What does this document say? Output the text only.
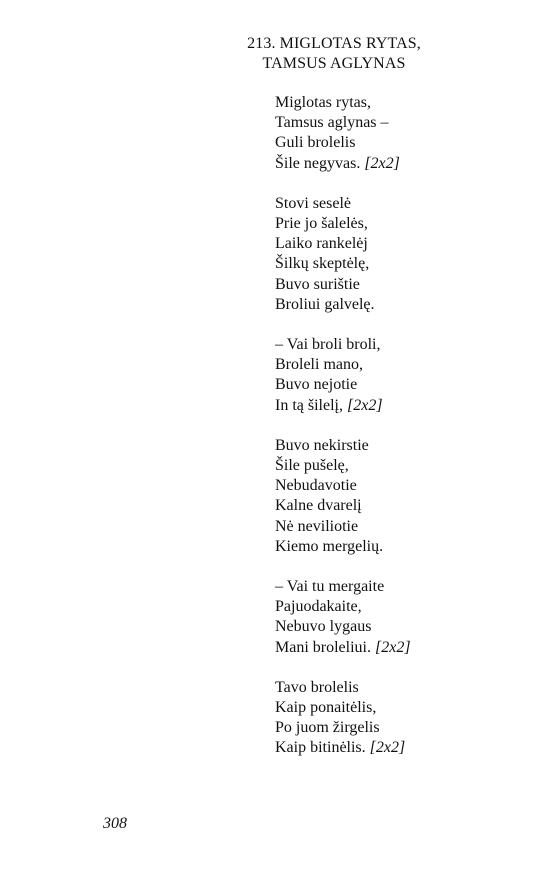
213. MIGLOTAS RYTAS,
TAMSUS AGLYNAS
Miglotas rytas,
Tamsus aglynas –
Guli brolelis
Šile negyvas. [2x2]
Stovi seselė
Prie jo šalelės,
Laiko rankelėj
Šilkų skeptėlę,
Buvo surištie
Broliui galvelę.
– Vai broli broli,
Broleli mano,
Buvo nejotie
In tą šilelį, [2x2]
Buvo nekirstie
Šile pušelę,
Nebudavotie
Kalne dvarelį
Nė neviliotie
Kiemo mergelių.
– Vai tu mergaite
Pajuodakaite,
Nebuvo lygaus
Mani broleliui. [2x2]
Tavo brolelis
Kaip ponaitėlis,
Po juom žirgelis
Kaip bitinėlis. [2x2]
308
